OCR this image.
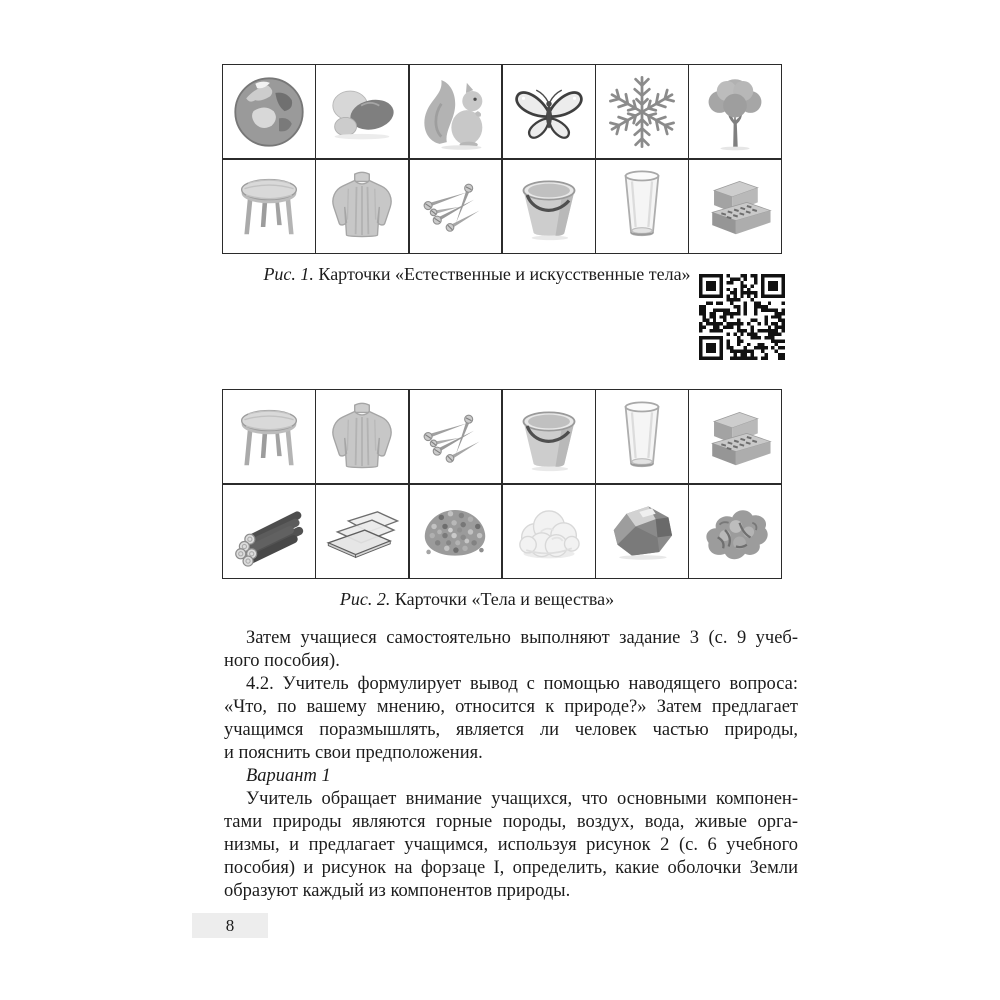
Рис. 1. Карточки «Естественные и искусственные тела»
Рис. 2. Карточки «Тела и вещества»
Затем учащиеся самостоятельно выполняют задание 3 (с. 9 учеб-
ного пособия).
4.2. Учитель формулирует вывод с помощью наводящего вопроса:
«Что, по вашему мнению, относится к природе?» Затем предлагает
учащимся поразмышлять, является ли человек частью природы,
и пояснить свои предположения.
Вариант 1
Учитель обращает внимание учащихся, что основными компонен-
тами природы являются горные породы, воздух, вода, живые орга-
низмы, и предлагает учащимся, используя рисунок 2 (с. 6 учебного
пособия) и рисунок на форзаце I, определить, какие оболочки Земли
образуют каждый из компонентов природы.
8
